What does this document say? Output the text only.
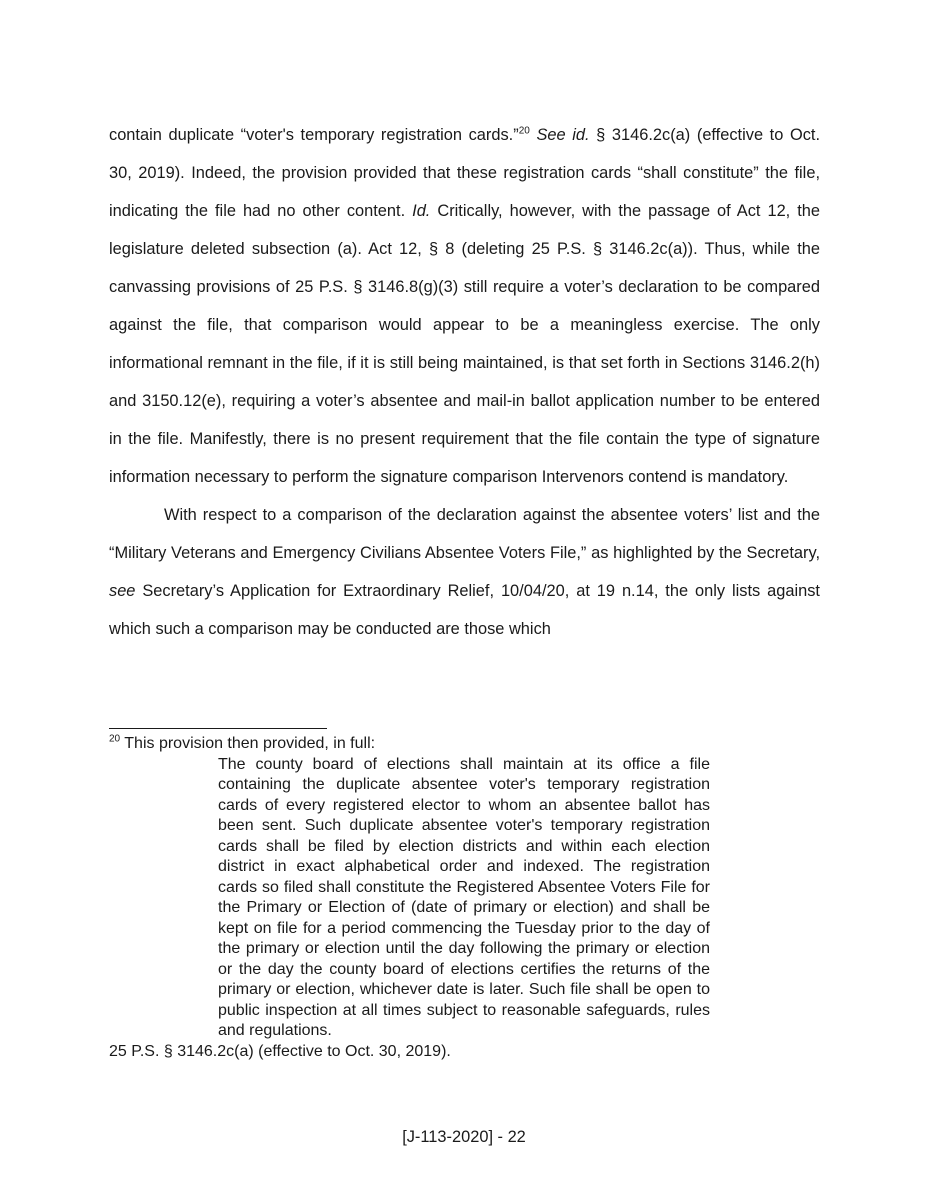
contain duplicate “voter's temporary registration cards.”$^{20}$ See id. § 3146.2c(a) (effective to Oct. 30, 2019). Indeed, the provision provided that these registration cards “shall constitute” the file, indicating the file had no other content. Id. Critically, however, with the passage of Act 12, the legislature deleted subsection (a). Act 12, § 8 (deleting 25 P.S. § 3146.2c(a)). Thus, while the canvassing provisions of 25 P.S. § 3146.8(g)(3) still require a voter’s declaration to be compared against the file, that comparison would appear to be a meaningless exercise. The only informational remnant in the file, if it is still being maintained, is that set forth in Sections 3146.2(h) and 3150.12(e), requiring a voter’s absentee and mail-in ballot application number to be entered in the file. Manifestly, there is no present requirement that the file contain the type of signature information necessary to perform the signature comparison Intervenors contend is mandatory.

With respect to a comparison of the declaration against the absentee voters’ list and the “Military Veterans and Emergency Civilians Absentee Voters File,” as highlighted by the Secretary, see Secretary’s Application for Extraordinary Relief, 10/04/20, at 19 n.14, the only lists against which such a comparison may be conducted are those which

$^{20}$ This provision then provided, in full:

The county board of elections shall maintain at its office a file containing the duplicate absentee voter's temporary registration cards of every registered elector to whom an absentee ballot has been sent. Such duplicate absentee voter's temporary registration cards shall be filed by election districts and within each election district in exact alphabetical order and indexed. The registration cards so filed shall constitute the Registered Absentee Voters File for the Primary or Election of (date of primary or election) and shall be kept on file for a period commencing the Tuesday prior to the day of the primary or election until the day following the primary or election or the day the county board of elections certifies the returns of the primary or election, whichever date is later. Such file shall be open to public inspection at all times subject to reasonable safeguards, rules and regulations.

25 P.S. § 3146.2c(a) (effective to Oct. 30, 2019).

[J-113-2020] - 22
